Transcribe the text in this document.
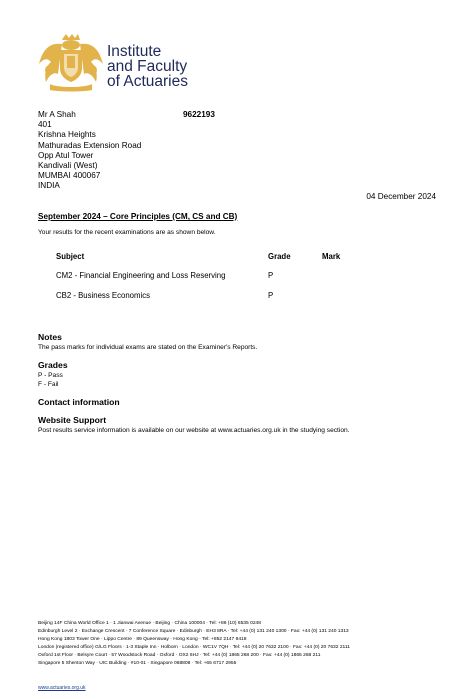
Institute
and Faculty
of Actuaries
Mr A Shah
401
Krishna Heights
Mathuradas Extension Road
Opp Atul Tower
Kandivali (West)
MUMBAI 400067
INDIA
9622193
04 December 2024
September 2024 – Core Principles (CM, CS and CB)
Your results for the recent examinations are as shown below.
Subject	Grade	Mark
CM2 - Financial Engineering and Loss Reserving	P
CB2 - Business Economics	P
Notes
The pass marks for individual exams are stated on the Examiner's Reports.
Grades
P - Pass
F - Fail
Contact information
Website Support
Post results service information is available on our website at www.actuaries.org.uk in the studying section.
Beijing 14F China World Office 1 · 1 Jianwai Avenue · Beijing · China 100004 · Tel: +86 (10) 6535 0248
Edinburgh Level 2 · Exchange Crescent · 7 Conference Square · Edinburgh · EH3 8RA · Tel: +44 (0) 131 240 1300 · Fax: +44 (0) 131 240 1313
Hong Kong 1803 Tower One · Lippo Centre · 89 Queensway · Hong Kong · Tel: +852 2147 9418
London (registered office) G/LG Floors · 1-3 Staple Inn · Holborn · London · WC1V 7QH · Tel: +44 (0) 20 7632 2100 · Fax: +44 (0) 20 7632 2111
Oxford 1st Floor · Belsyre Court · 57 Woodstock Road · Oxford · OX2 6HJ · Tel: +44 (0) 1865 268 200 · Fax: +44 (0) 1865 268 211
Singapore 5 Shenton Way · UIC Building · #10-01 · Singapore 068808 · Tel: +65 6717 2955
www.actuaries.org.uk
